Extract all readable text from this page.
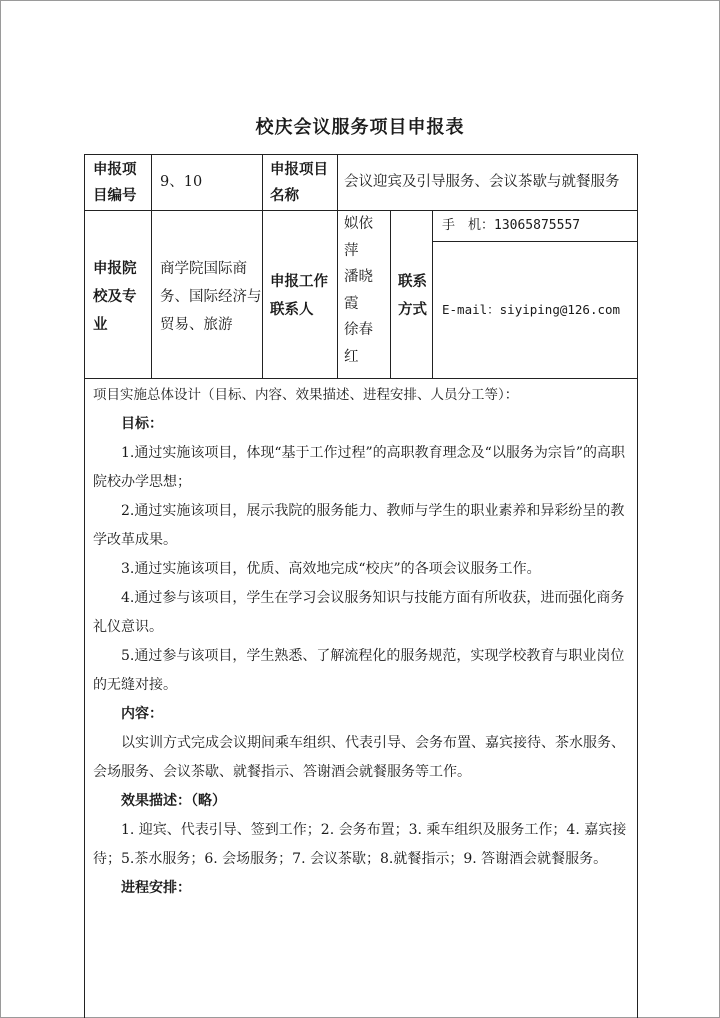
校庆会议服务项目申报表
申报项
目编号
9、10
申报项目
名称
会议迎宾及引导服务、会议茶歇与就餐服务
申报院
校及专
业
商学院国际商
务、国际经济与
贸易、旅游
申报工作
联系人
姒依
萍
潘晓
霞
徐春
红
联系
方式
手　机：13065875557
E-mail：siyiping@126.com

项目实施总体设计（目标、内容、效果描述、进程安排、人员分工等）：

目标：

1.通过实施该项目，体现“基于工作过程”的高职教育理念及“以服务为宗旨”的高职院校办学思想；

2.通过实施该项目，展示我院的服务能力、教师与学生的职业素养和异彩纷呈的教学改革成果。

3.通过实施该项目，优质、高效地完成“校庆”的各项会议服务工作。

4.通过参与该项目，学生在学习会议服务知识与技能方面有所收获，进而强化商务礼仪意识。

5.通过参与该项目，学生熟悉、了解流程化的服务规范，实现学校教育与职业岗位的无缝对接。

内容：

以实训方式完成会议期间乘车组织、代表引导、会务布置、嘉宾接待、茶水服务、会场服务、会议茶歇、就餐指示、答谢酒会就餐服务等工作。

效果描述：（略）

1. 迎宾、代表引导、签到工作；2. 会务布置；3. 乘车组织及服务工作；4. 嘉宾接待；5.茶水服务；6. 会场服务；7. 会议茶歇；8.就餐指示；9. 答谢酒会就餐服务。

进程安排：
